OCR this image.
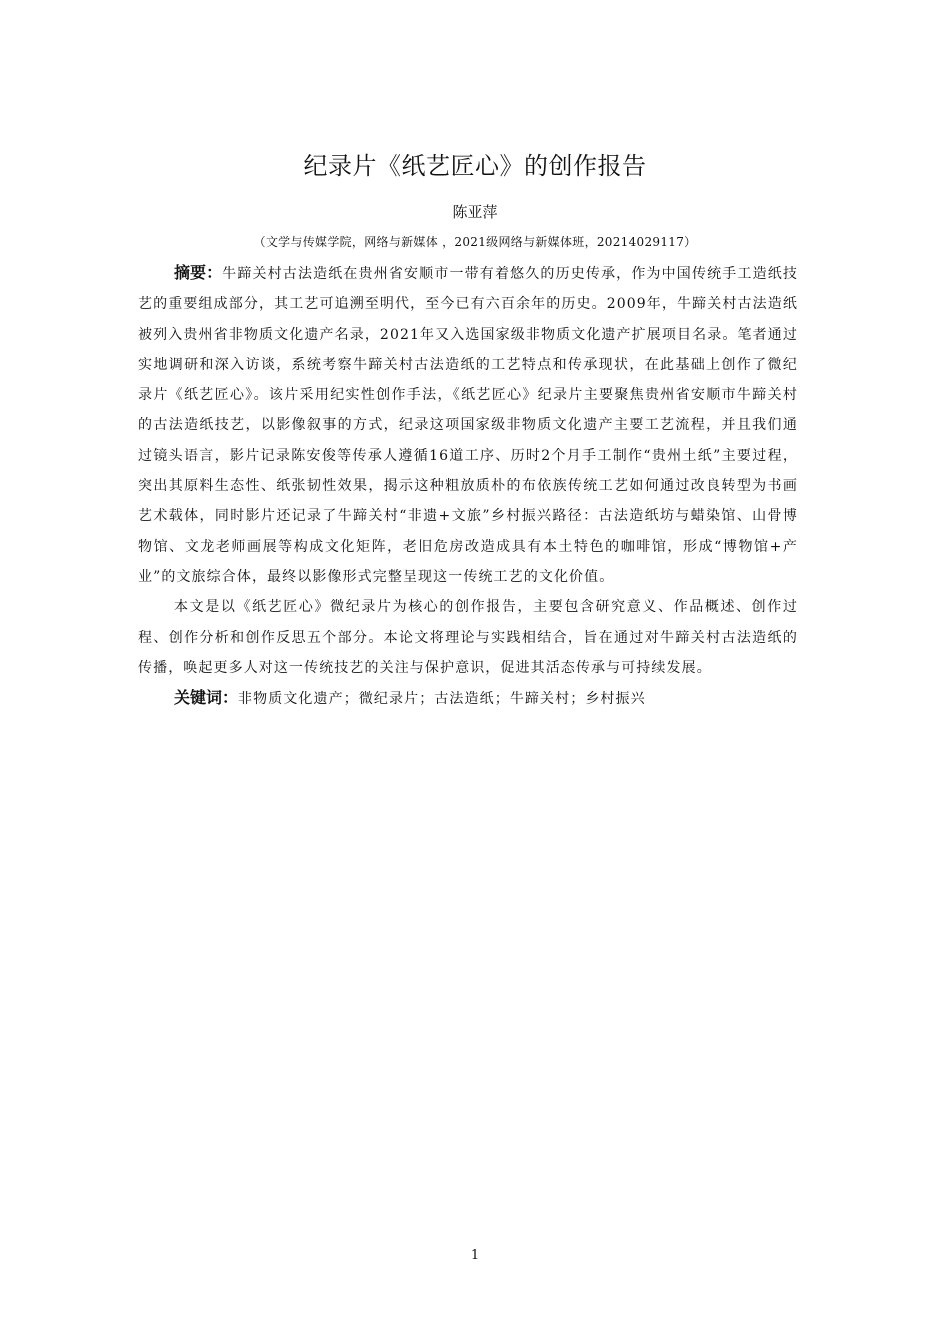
纪录片《纸艺匠心》的创作报告
陈亚萍
（文学与传媒学院，网络与新媒体 ，2021级网络与新媒体班，20214029117）

摘要：牛蹄关村古法造纸在贵州省安顺市一带有着悠久的历史传承，作为中国传统手工造纸技艺的重要组成部分，其工艺可追溯至明代，至今已有六百余年的历史。2009年，牛蹄关村古法造纸被列入贵州省非物质文化遗产名录，2021年又入选国家级非物质文化遗产扩展项目名录。笔者通过实地调研和深入访谈，系统考察牛蹄关村古法造纸的工艺特点和传承现状，在此基础上创作了微纪录片《纸艺匠心》。该片采用纪实性创作手法，《纸艺匠心》纪录片主要聚焦贵州省安顺市牛蹄关村的古法造纸技艺，以影像叙事的方式，纪录这项国家级非物质文化遗产主要工艺流程，并且我们通过镜头语言，影片记录陈安俊等传承人遵循16道工序、历时2个月手工制作“贵州土纸”主要过程，突出其原料生态性、纸张韧性效果，揭示这种粗放质朴的布依族传统工艺如何通过改良转型为书画艺术载体，同时影片还记录了牛蹄关村“非遗+文旅”乡村振兴路径：古法造纸坊与蜡染馆、山骨博物馆、文龙老师画展等构成文化矩阵，老旧危房改造成具有本土特色的咖啡馆，形成“博物馆+产业”的文旅综合体，最终以影像形式完整呈现这一传统工艺的文化价值。

本文是以《纸艺匠心》微纪录片为核心的创作报告，主要包含研究意义、作品概述、创作过程、创作分析和创作反思五个部分。本论文将理论与实践相结合，旨在通过对牛蹄关村古法造纸的传播，唤起更多人对这一传统技艺的关注与保护意识，促进其活态传承与可持续发展。

关键词：非物质文化遗产；微纪录片；古法造纸；牛蹄关村；乡村振兴

1
